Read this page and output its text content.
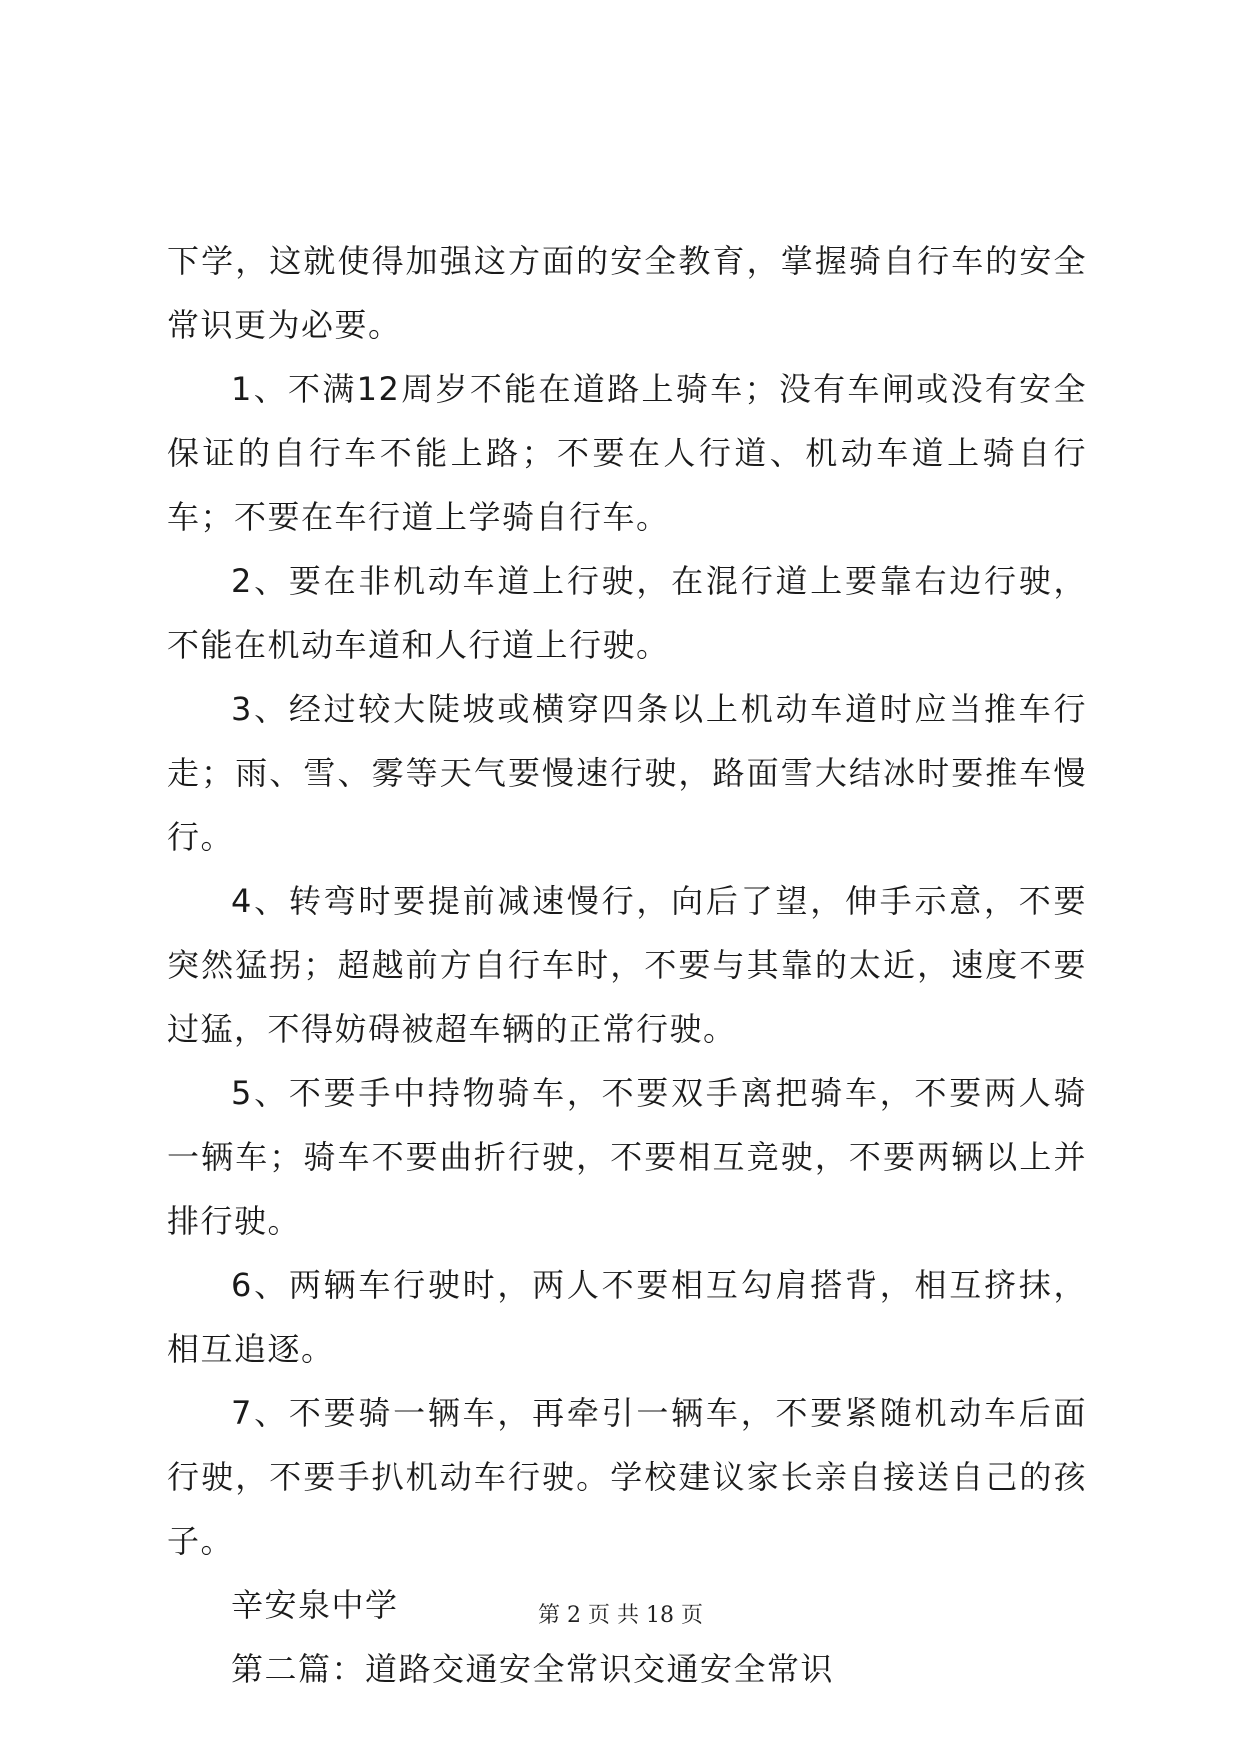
下学，这就使得加强这方面的安全教育，掌握骑自行车的安全常识更为必要。

1、不满12周岁不能在道路上骑车；没有车闸或没有安全保证的自行车不能上路；不要在人行道、机动车道上骑自行车；不要在车行道上学骑自行车。

2、要在非机动车道上行驶，在混行道上要靠右边行驶，不能在机动车道和人行道上行驶。

3、经过较大陡坡或横穿四条以上机动车道时应当推车行走；雨、雪、雾等天气要慢速行驶，路面雪大结冰时要推车慢行。

4、转弯时要提前减速慢行，向后了望，伸手示意，不要突然猛拐；超越前方自行车时，不要与其靠的太近，速度不要过猛，不得妨碍被超车辆的正常行驶。

5、不要手中持物骑车，不要双手离把骑车，不要两人骑一辆车；骑车不要曲折行驶，不要相互竞驶，不要两辆以上并排行驶。

6、两辆车行驶时，两人不要相互勾肩搭背，相互挤抹，相互追逐。

7、不要骑一辆车，再牵引一辆车，不要紧随机动车后面行驶，不要手扒机动车行驶。学校建议家长亲自接送自己的孩子。

辛安泉中学

第二篇：道路交通安全常识交通安全常识

第 2 页 共 18 页
